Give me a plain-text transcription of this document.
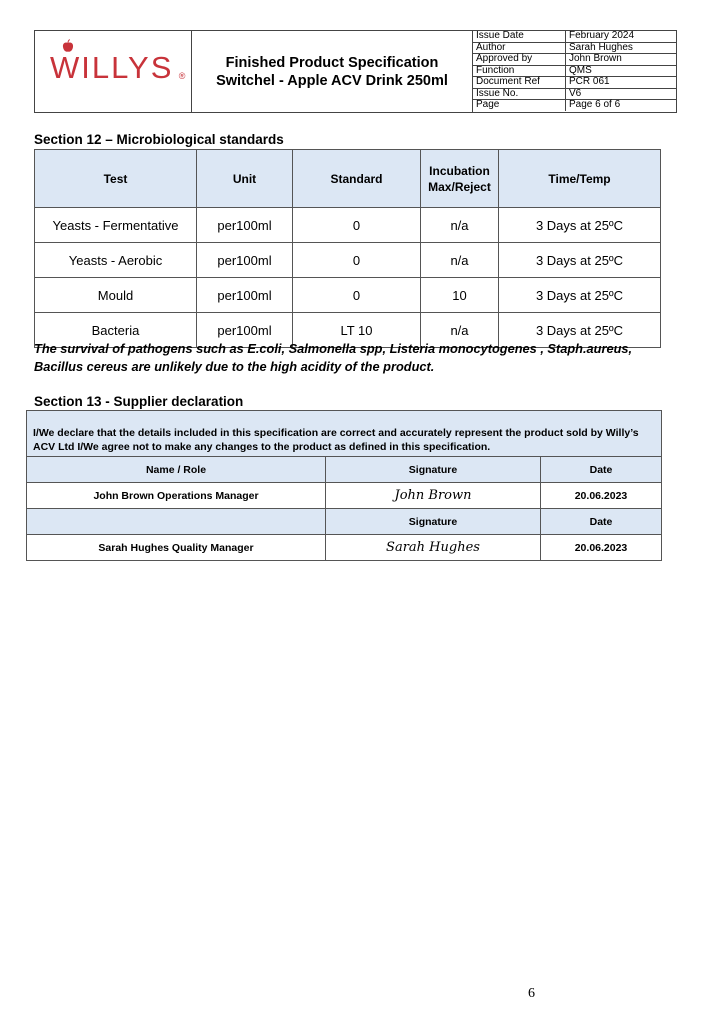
WILLYS ®
Finished Product Specification
Switchel - Apple ACV Drink 250ml
Issue Date	February 2024
Author	Sarah Hughes
Approved by	John Brown
Function	QMS
Document Ref	PCR 061
Issue No.	V6
Page	Page 6 of 6
Section 12 – Microbiological standards
Test	Unit	Standard	Incubation Max/Reject	Time/Temp
Yeasts - Fermentative	per100ml	0	n/a	3 Days at 25ºC
Yeasts - Aerobic	per100ml	0	n/a	3 Days at 25ºC
Mould	per100ml	0	10	3 Days at 25ºC
Bacteria	per100ml	LT 10	n/a	3 Days at 25ºC
The survival of pathogens such as E.coli, Salmonella spp, Listeria monocytogenes , Staph.aureus, Bacillus cereus are unlikely due to the high acidity of the product.
Section 13 - Supplier declaration
I/We declare that the details included in this specification are correct and accurately represent the product sold by Willy’s ACV Ltd I/We agree not to make any changes to the product as defined in this specification.		
Name / Role	Signature	Date
John Brown Operations Manager	John Brown	20.06.2023
	Signature	Date
Sarah Hughes Quality Manager	Sarah Hughes	20.06.2023
6
